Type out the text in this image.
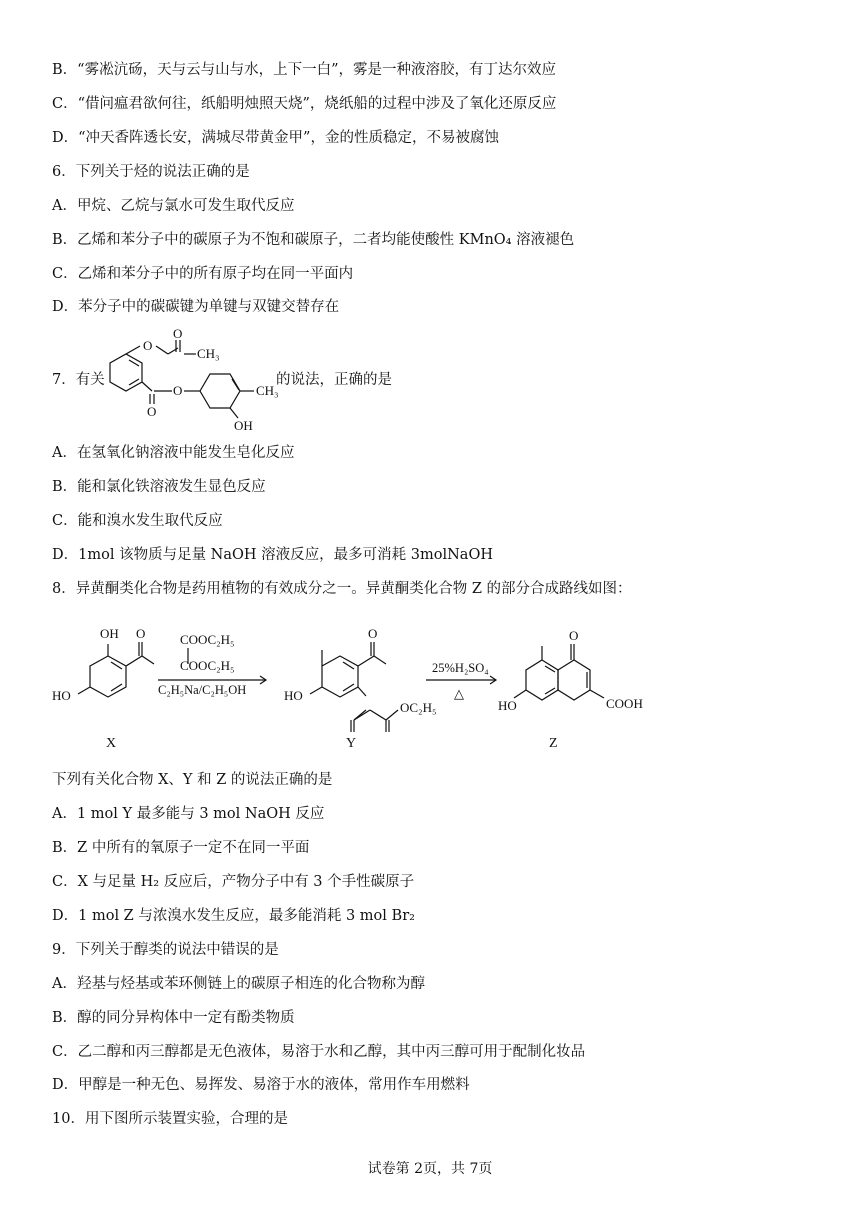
B．“雾凇沆砀，天与云与山与水，上下一白”，雾是一种液溶胶，有丁达尔效应
C．“借问瘟君欲何往，纸船明烛照天烧”，烧纸船的过程中涉及了氧化还原反应
D．“冲天香阵透长安，满城尽带黄金甲”，金的性质稳定，不易被腐蚀
6．下列关于烃的说法正确的是
A．甲烷、乙烷与氯水可发生取代反应
B．乙烯和苯分子中的碳原子为不饱和碳原子，二者均能使酸性 KMnO₄ 溶液褪色
C．乙烯和苯分子中的所有原子均在同一平面内
D．苯分子中的碳碳键为单键与双键交替存在
7．有关
O
O
CH₃
O
O	CH₃
OH
的说法，正确的是
A．在氢氧化钠溶液中能发生皂化反应
B．能和氯化铁溶液发生显色反应
C．能和溴水发生取代反应
D．1mol 该物质与足量 NaOH 溶液反应，最多可消耗 3molNaOH
8．异黄酮类化合物是药用植物的有效成分之一。异黄酮类化合物 Z 的部分合成路线如图：
OH O
HO
COOC₂H₅
COOC₂H₅
C₂H₅Na/C₂H₅OH
O
HO
OC₂H₅
25%H₂SO₄
△
O
HO	COOH
X	Y	Z
下列有关化合物 X、Y 和 Z 的说法正确的是
A．1 mol Y 最多能与 3 mol NaOH 反应
B．Z 中所有的氧原子一定不在同一平面
C．X 与足量 H₂ 反应后，产物分子中有 3 个手性碳原子
D．1 mol Z 与浓溴水发生反应，最多能消耗 3 mol Br₂
9．下列关于醇类的说法中错误的是
A．羟基与烃基或苯环侧链上的碳原子相连的化合物称为醇
B．醇的同分异构体中一定有酚类物质
C．乙二醇和丙三醇都是无色液体，易溶于水和乙醇，其中丙三醇可用于配制化妆品
D．甲醇是一种无色、易挥发、易溶于水的液体，常用作车用燃料
10．用下图所示装置实验，合理的是
试卷第 2页，共 7页
